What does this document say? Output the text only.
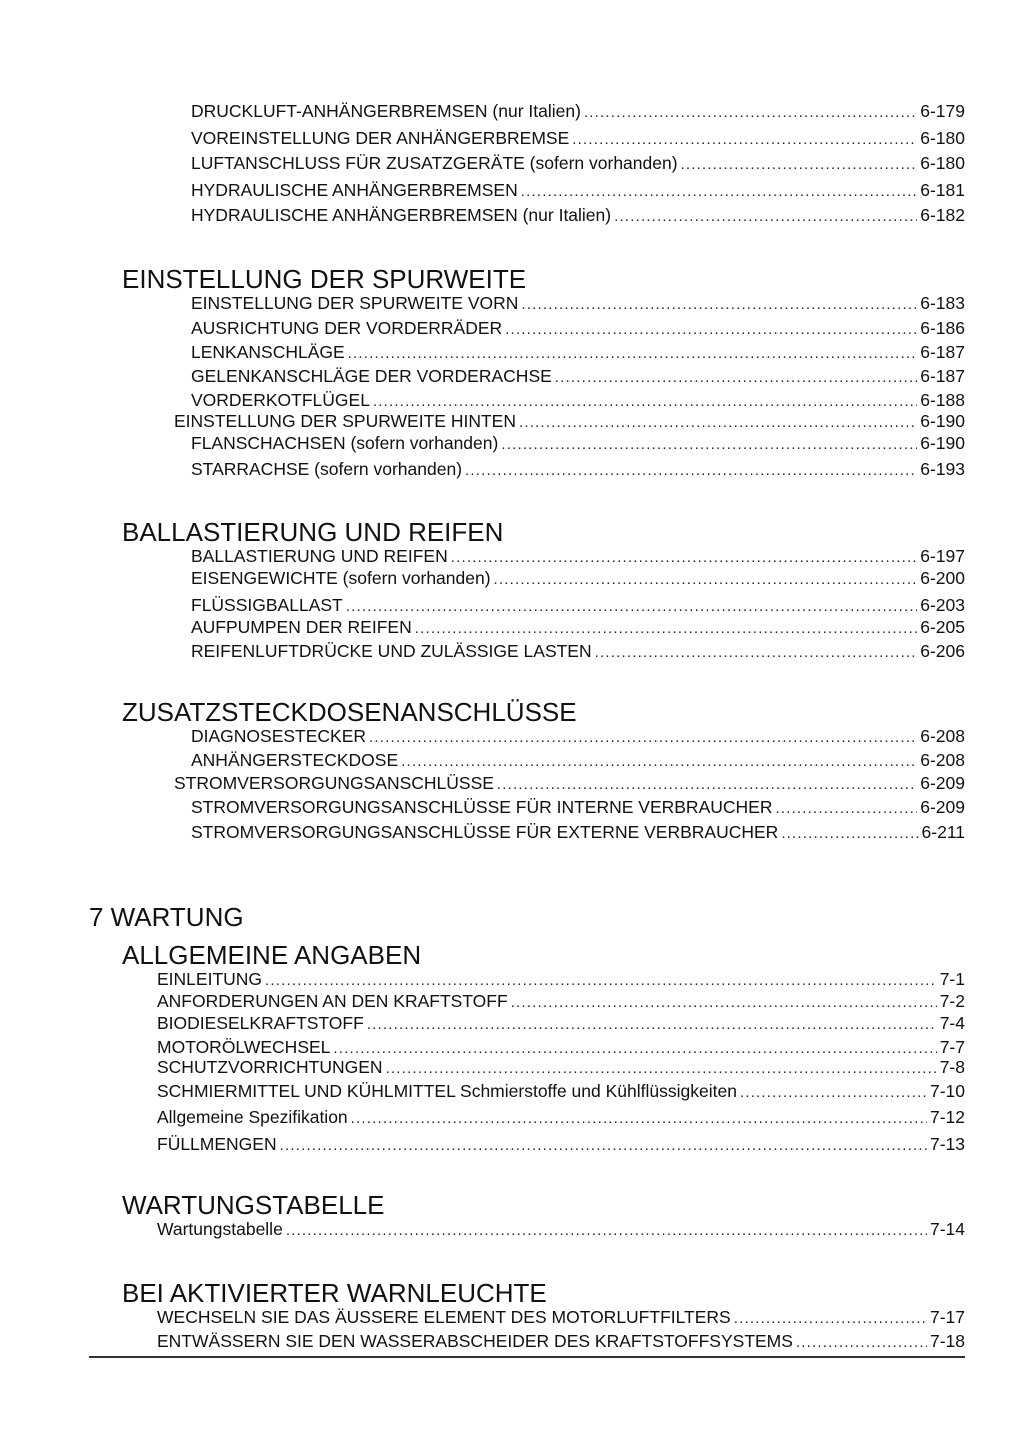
DRUCKLUFT-ANHÄNGERBREMSEN (nur Italien) .....	6-179
VOREINSTELLUNG DER ANHÄNGERBREMSE .....	6-180
LUFTANSCHLUSS FÜR ZUSATZGERÄTE (sofern vorhanden) .....	6-180
HYDRAULISCHE ANHÄNGERBREMSEN .....	6-181
HYDRAULISCHE ANHÄNGERBREMSEN (nur Italien) .....	6-182
EINSTELLUNG DER SPURWEITE
EINSTELLUNG DER SPURWEITE VORN .....	6-183
AUSRICHTUNG DER VORDERRÄDER .....	6-186
LENKANSCHLÄGE .....	6-187
GELENKANSCHLÄGE DER VORDERACHSE .....	6-187
VORDERKOTFLÜGEL .....	6-188
EINSTELLUNG DER SPURWEITE HINTEN .....	6-190
FLANSCHACHSEN (sofern vorhanden) .....	6-190
STARRACHSE (sofern vorhanden) .....	6-193
BALLASTIERUNG UND REIFEN
BALLASTIERUNG UND REIFEN .....	6-197
EISENGEWICHTE (sofern vorhanden) .....	6-200
FLÜSSIGBALLAST .....	6-203
AUFPUMPEN DER REIFEN .....	6-205
REIFENLUFTDRÜCKE UND ZULÄSSIGE LASTEN .....	6-206
ZUSATZSTECKDOSENANSCHLÜSSE
DIAGNOSESTECKER .....	6-208
ANHÄNGERSTECKDOSE .....	6-208
STROMVERSORGUNGSANSCHLÜSSE .....	6-209
STROMVERSORGUNGSANSCHLÜSSE FÜR INTERNE VERBRAUCHER .....	6-209
STROMVERSORGUNGSANSCHLÜSSE FÜR EXTERNE VERBRAUCHER .....	6-211
7 WARTUNG
ALLGEMEINE ANGABEN
EINLEITUNG .....	7-1
ANFORDERUNGEN AN DEN KRAFTSTOFF .....	7-2
BIODIESELKRAFTSTOFF .....	7-4
MOTORÖLWECHSEL .....	7-7
SCHUTZVORRICHTUNGEN .....	7-8
SCHMIERMITTEL UND KÜHLMITTEL Schmierstoffe und Kühlflüssigkeiten .....	7-10
Allgemeine Spezifikation .....	7-12
FÜLLMENGEN .....	7-13
WARTUNGSTABELLE
Wartungstabelle .....	7-14
BEI AKTIVIERTER WARNLEUCHTE
WECHSELN SIE DAS ÄUSSERE ELEMENT DES MOTORLUFTFILTERS .....	7-17
ENTWÄSSERN SIE DEN WASSERABSCHEIDER DES KRAFTSTOFFSYSTEMS .....	7-18
